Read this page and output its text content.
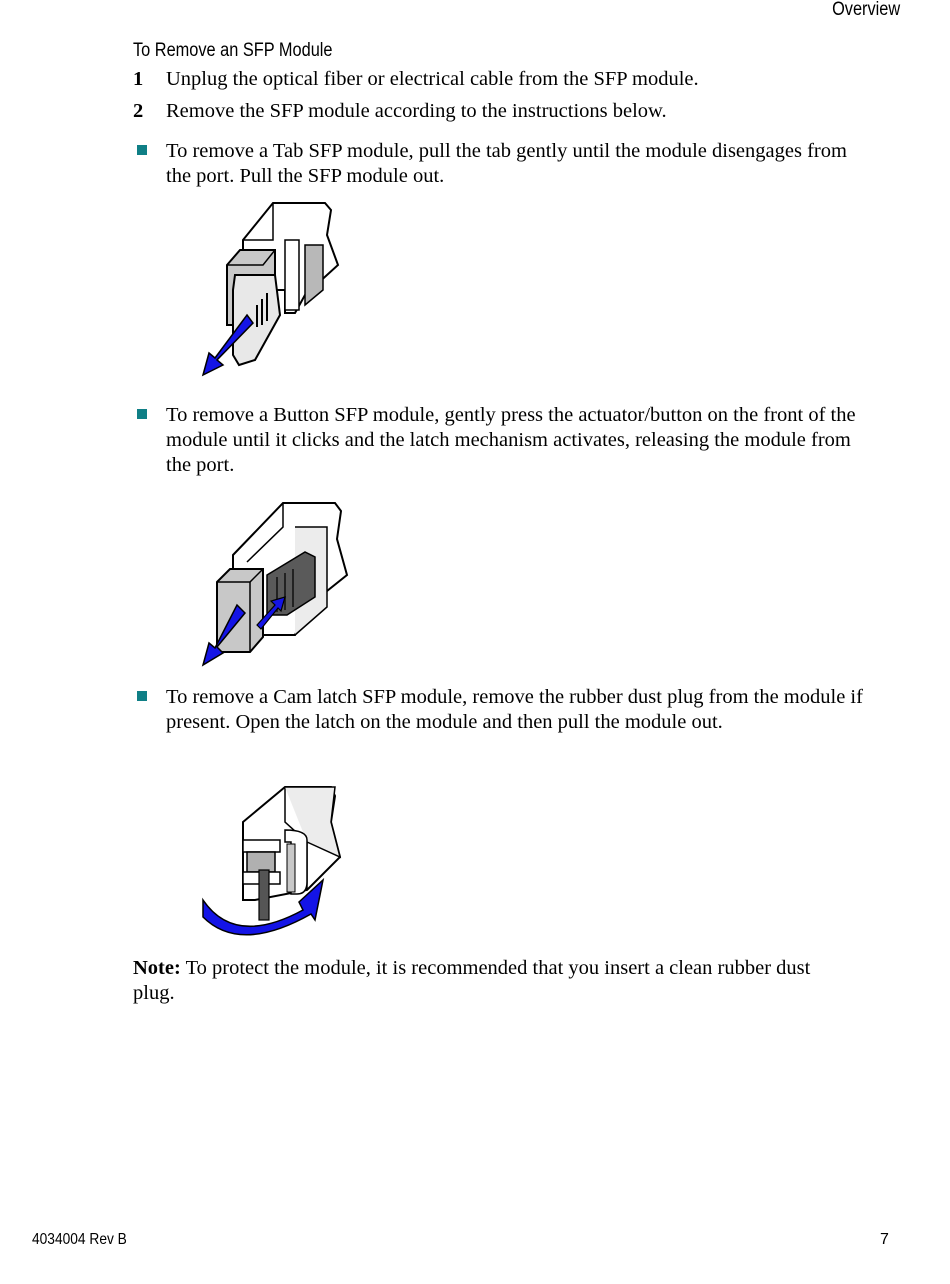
Overview
To Remove an SFP Module
1 Unplug the optical fiber or electrical cable from the SFP module.
2 Remove the SFP module according to the instructions below.
To remove a Tab SFP module, pull the tab gently until the module disengages from the port. Pull the SFP module out.
To remove a Button SFP module, gently press the actuator/button on the front of the module until it clicks and the latch mechanism activates, releasing the module from the port.
To remove a Cam latch SFP module, remove the rubber dust plug from the module if present. Open the latch on the module and then pull the module out.
Note: To protect the module, it is recommended that you insert a clean rubber dust plug.
4034004 Rev B	7
